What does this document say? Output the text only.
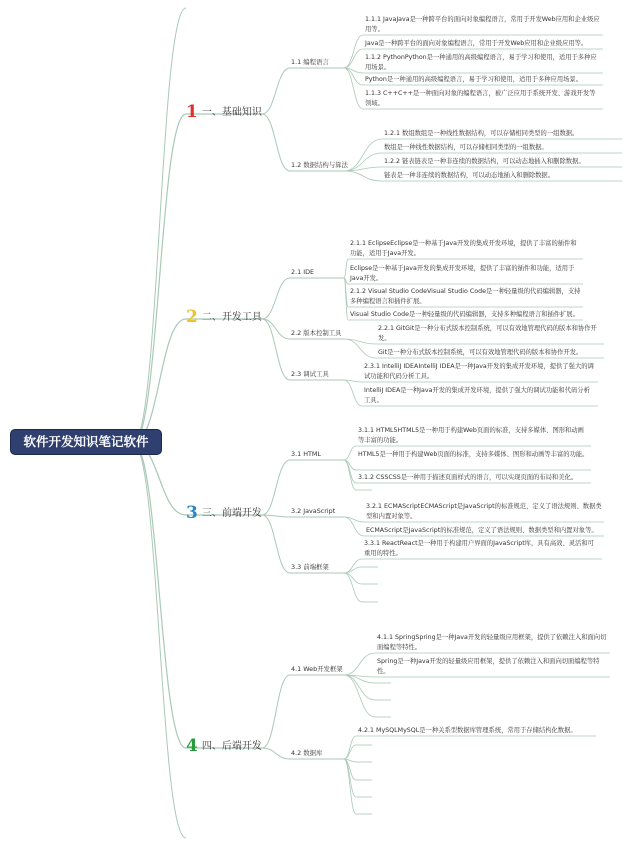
软件开发知识笔记软件
1 一、基础知识
1.1 编程语言
1.1.1 JavaJava是一种跨平台的面向对象编程语言，常用于开发Web应用和企业级应用等。
Java是一种跨平台的面向对象编程语言，常用于开发Web应用和企业级应用等。
1.1.2 PythonPython是一种通用的高级编程语言，易于学习和使用，适用于多种应用场景。
Python是一种通用的高级编程语言，易于学习和使用，适用于多种应用场景。
1.1.3 C++C++是一种面向对象的编程语言，被广泛应用于系统开发、游戏开发等领域。
1.2 数据结构与算法
1.2.1 数组数组是一种线性数据结构，可以存储相同类型的一组数据。
数组是一种线性数据结构，可以存储相同类型的一组数据。
1.2.2 链表链表是一种非连续的数据结构，可以动态地插入和删除数据。
链表是一种非连续的数据结构，可以动态地插入和删除数据。
2 二、开发工具
2.1 IDE
2.1.1 EclipseEclipse是一种基于Java开发的集成开发环境，提供了丰富的插件和功能，适用于Java开发。
Eclipse是一种基于Java开发的集成开发环境，提供了丰富的插件和功能，适用于Java开发。
2.1.2 Visual Studio CodeVisual Studio Code是一种轻量级的代码编辑器，支持多种编程语言和插件扩展。
Visual Studio Code是一种轻量级的代码编辑器，支持多种编程语言和插件扩展。
2.2 版本控制工具
2.2.1 GitGit是一种分布式版本控制系统，可以有效地管理代码的版本和协作开发。
Git是一种分布式版本控制系统，可以有效地管理代码的版本和协作开发。
2.3 调试工具
2.3.1 IntelliJ IDEAIntelliJ IDEA是一种Java开发的集成开发环境，提供了强大的调试功能和代码分析工具。
IntelliJ IDEA是一种Java开发的集成开发环境，提供了强大的调试功能和代码分析工具。
3 三、前端开发
3.1 HTML
3.1.1 HTML5HTML5是一种用于构建Web页面的标准，支持多媒体、图形和动画等丰富的功能。
HTML5是一种用于构建Web页面的标准，支持多媒体、图形和动画等丰富的功能。
3.1.2 CSSCSS是一种用于描述页面样式的语言，可以实现页面的布局和美化。
3.2 JavaScript
3.2.1 ECMAScriptECMAScript是JavaScript的标准规范，定义了语法规则、数据类型和内置对象等。
ECMAScript是JavaScript的标准规范，定义了语法规则、数据类型和内置对象等。
3.3 前端框架
3.3.1 ReactReact是一种用于构建用户界面的JavaScript库，具有高效、灵活和可重用的特性。
4 四、后端开发
4.1 Web开发框架
4.1.1 SpringSpring是一种Java开发的轻量级应用框架，提供了依赖注入和面向切面编程等特性。
Spring是一种Java开发的轻量级应用框架，提供了依赖注入和面向切面编程等特性。
4.2 数据库
4.2.1 MySQLMySQL是一种关系型数据库管理系统，常用于存储结构化数据。
